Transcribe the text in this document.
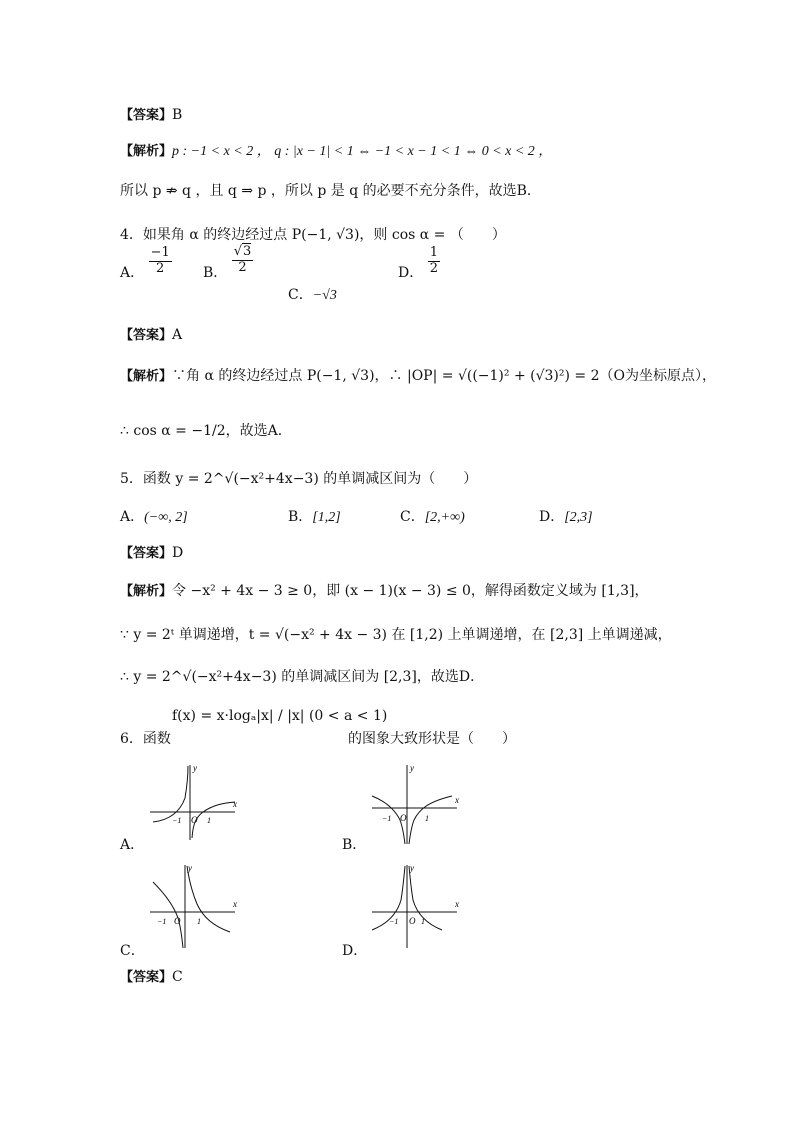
【答案】B
【解析】p : −1 < x < 2 ， q : |x − 1| < 1 ⇔ −1 < x − 1 < 1 ⇔ 0 < x < 2 ，
所以 p ⇏ q ，且 q ⇒ p ，所以 p 是 q 的必要不充分条件，故选B．
4．如果角 α 的终边经过点 P(−1, √3)，则 cos α = （　　）
A． $\frac{-1}{2}$ B． $\frac{√3}{2}$
C．−√3
D． $\frac{1}{2}$
【答案】A
【解析】∵角 α 的终边经过点 P(−1, √3)，∴ |OP| = √((−1)² + (√3)²) = 2（O为坐标原点），
∴ cos α = −1/2，故选A．
5．函数 y = 2^√(−x²+4x−3) 的单调减区间为（　　）
A．(−∞, 2]	B．[1,2]	C．[2,+∞)	D．[2,3]
【答案】D
【解析】令 −x² + 4x − 3 ≥ 0，即 (x − 1)(x − 3) ≤ 0，解得函数定义域为 [1,3]，
∵ y = 2ᵗ 单调递增，t = √(−x² + 4x − 3) 在 [1,2) 上单调递增，在 [2,3] 上单调递减，
∴ y = 2^√(−x²+4x−3) 的单调减区间为 [2,3]，故选D．
f(x) = x·logₐ|x| / |x| (0 < a < 1)
6．函数	的图象大致形状是（　　）
A．
x
y
O
−1	1
B．
x
y
O
−1	1
C．
x
y
O
−1	1
D．
x
y
O
−1	1
【答案】C
